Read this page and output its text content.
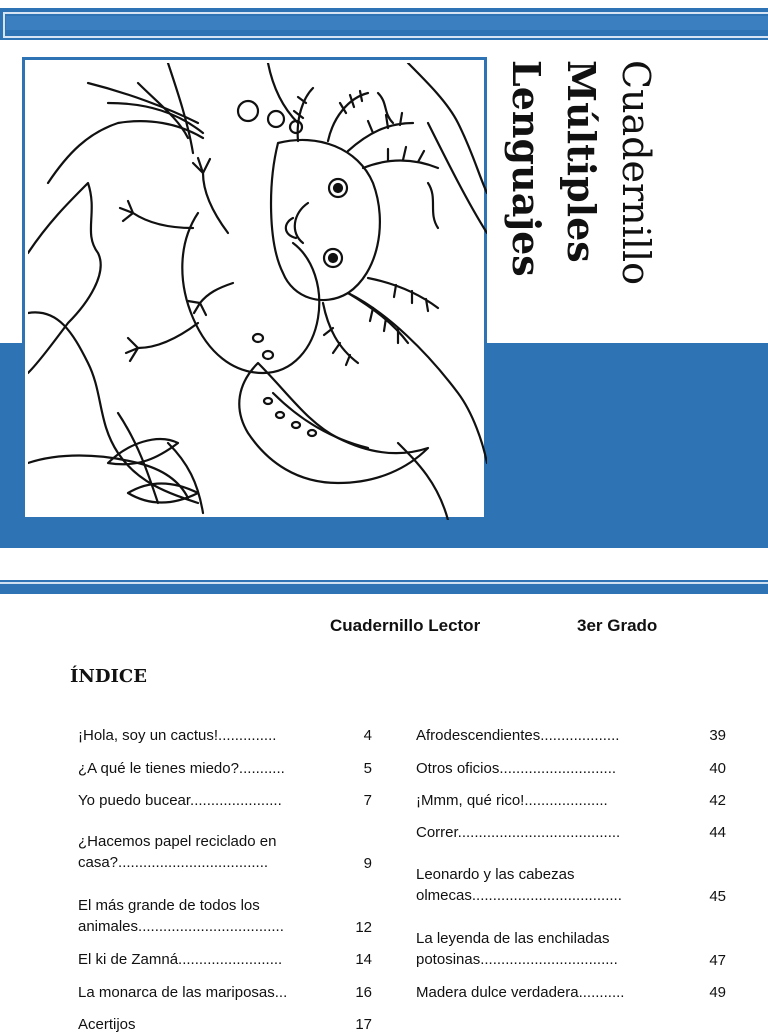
Cuadernillo
Múltiples
Lenguajes
Cuadernillo Lector	3er Grado
ÍNDICE
¡Hola, soy un cactus!..............	4
¿A qué le tienes miedo?...........	5
Yo puedo bucear......................	7
¿Hacemos papel reciclado en casa?....................................	9
El más grande de todos los animales...................................	12
El ki de Zamná.........................	14
La monarca de las mariposas...	16
Acertijos	17
Afrodescendientes...................	39
Otros oficios............................	40
¡Mmm, qué rico!....................	42
Correr.......................................	44
Leonardo y las cabezas olmecas....................................	45
La leyenda de las enchiladas potosinas.................................	47
Madera dulce verdadera...........	49
